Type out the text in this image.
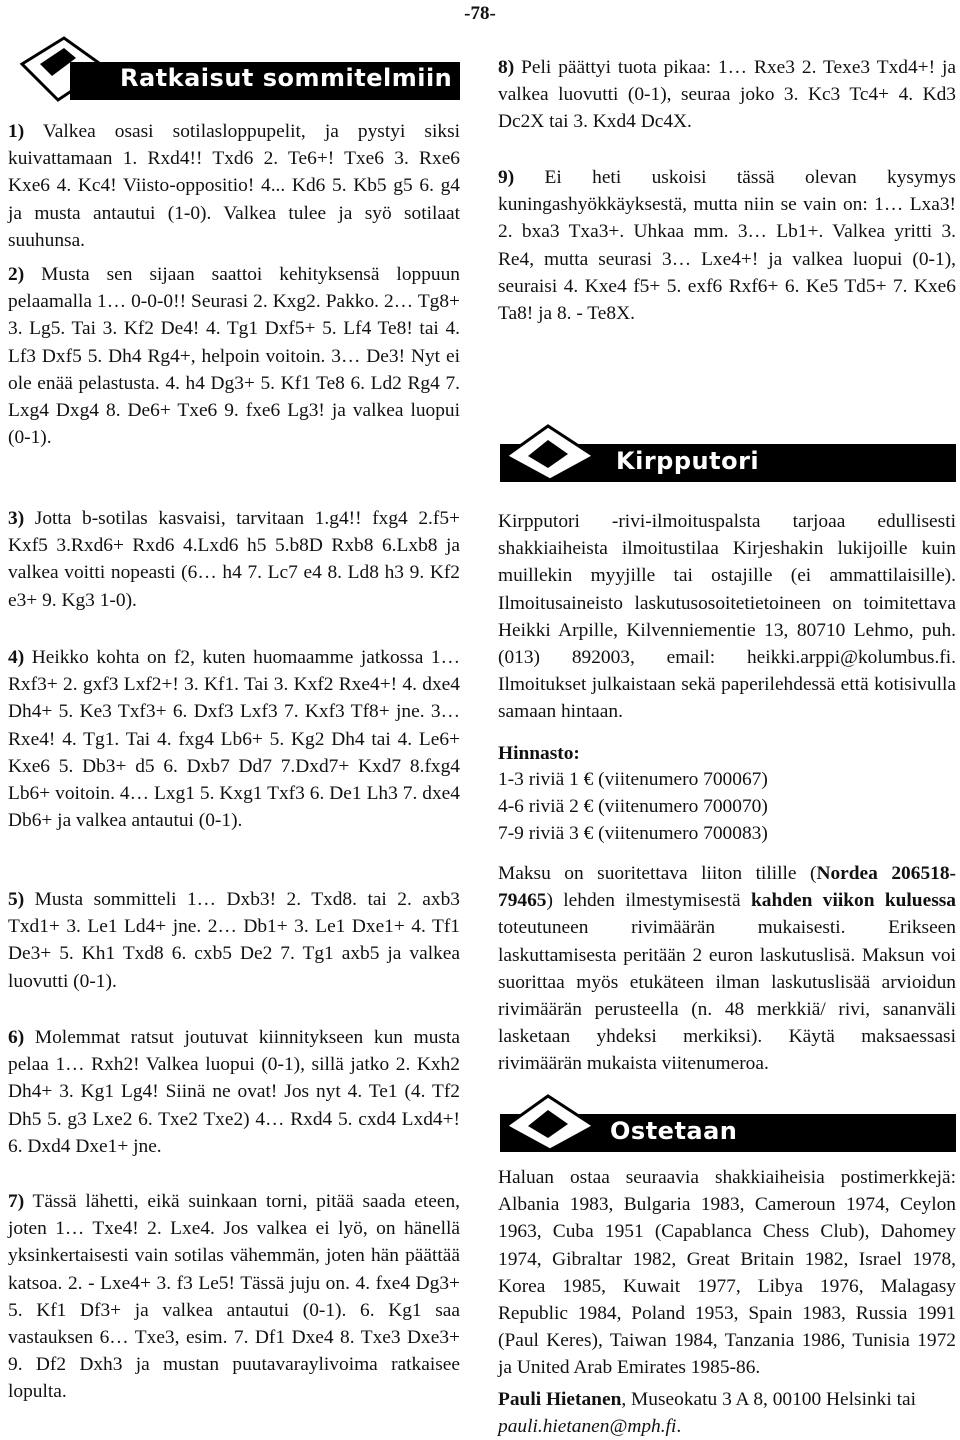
-78-
Ratkaisut sommitelmiin

1) Valkea osasi sotilasloppupelit, ja pystyi siksi kuivattamaan 1. Rxd4!! Txd6 2. Te6+! Txe6 3. Rxe6 Kxe6 4. Kc4! Viisto-oppositio! 4... Kd6 5. Kb5 g5 6. g4 ja musta antautui (1-0). Valkea tulee ja syö sotilaat suuhunsa.

2) Musta sen sijaan saattoi kehityksensä loppuun pelaamalla 1… 0-0-0!! Seurasi 2. Kxg2. Pakko. 2… Tg8+ 3. Lg5. Tai 3. Kf2 De4! 4. Tg1 Dxf5+ 5. Lf4 Te8! tai 4. Lf3 Dxf5 5. Dh4 Rg4+, helpoin voitoin. 3… De3! Nyt ei ole enää pelastusta. 4. h4 Dg3+ 5. Kf1 Te8 6. Ld2 Rg4 7. Lxg4 Dxg4 8. De6+ Txe6 9. fxe6 Lg3! ja valkea luopui (0-1).

3) Jotta b-sotilas kasvaisi, tarvitaan 1.g4!! fxg4 2.f5+ Kxf5 3.Rxd6+ Rxd6 4.Lxd6 h5 5.b8D Rxb8 6.Lxb8 ja valkea voitti nopeasti (6… h4 7. Lc7 e4 8. Ld8 h3 9. Kf2 e3+ 9. Kg3 1-0).

4) Heikko kohta on f2, kuten huomaamme jatkossa 1… Rxf3+ 2. gxf3 Lxf2+! 3. Kf1. Tai 3. Kxf2 Rxe4+! 4. dxe4 Dh4+ 5. Ke3 Txf3+ 6. Dxf3 Lxf3 7. Kxf3 Tf8+ jne. 3… Rxe4! 4. Tg1. Tai 4. fxg4 Lb6+ 5. Kg2 Dh4 tai 4. Le6+ Kxe6 5. Db3+ d5 6. Dxb7 Dd7 7.Dxd7+ Kxd7 8.fxg4 Lb6+ voitoin. 4… Lxg1 5. Kxg1 Txf3 6. De1 Lh3 7. dxe4 Db6+ ja valkea antautui (0-1).

5) Musta sommitteli 1… Dxb3! 2. Txd8. tai 2. axb3 Txd1+ 3. Le1 Ld4+ jne. 2… Db1+ 3. Le1 Dxe1+ 4. Tf1 De3+ 5. Kh1 Txd8 6. cxb5 De2 7. Tg1 axb5 ja valkea luovutti (0-1).

6) Molemmat ratsut joutuvat kiinnitykseen kun musta pelaa 1… Rxh2! Valkea luopui (0-1), sillä jatko 2. Kxh2 Dh4+ 3. Kg1 Lg4! Siinä ne ovat! Jos nyt 4. Te1 (4. Tf2 Dh5 5. g3 Lxe2 6. Txe2 Txe2) 4… Rxd4 5. cxd4 Lxd4+! 6. Dxd4 Dxe1+ jne.

7) Tässä lähetti, eikä suinkaan torni, pitää saada eteen, joten 1… Txe4! 2. Lxe4. Jos valkea ei lyö, on hänellä yksinkertaisesti vain sotilas vähemmän, joten hän päättää katsoa. 2. - Lxe4+ 3. f3 Le5! Tässä juju on. 4. fxe4 Dg3+ 5. Kf1 Df3+ ja valkea antautui (0-1). 6. Kg1 saa vastauksen 6… Txe3, esim. 7. Df1 Dxe4 8. Txe3 Dxe3+ 9. Df2 Dxh3 ja mustan puutavaraylivoima ratkaisee lopulta.

8) Peli päättyi tuota pikaa: 1… Rxe3 2. Texe3 Txd4+! ja valkea luovutti (0-1), seuraa joko 3. Kc3 Tc4+ 4. Kd3 Dc2X tai 3. Kxd4 Dc4X.

9) Ei heti uskoisi tässä olevan kysymys kuningashyökkäyksestä, mutta niin se vain on: 1… Lxa3! 2. bxa3 Txa3+. Uhkaa mm. 3… Lb1+. Valkea yritti 3. Re4, mutta seurasi 3… Lxe4+! ja valkea luopui (0-1), seuraisi 4. Kxe4 f5+ 5. exf6 Rxf6+ 6. Ke5 Td5+ 7. Kxe6 Ta8! ja 8. - Te8X.

Kirpputori

Kirpputori -rivi-ilmoituspalsta tarjoaa edullisesti shakkiaiheista ilmoitustilaa Kirjeshakin lukijoille kuin muillekin myyjille tai ostajille (ei ammattilaisille). Ilmoitusaineisto laskutusosoitetietoineen on toimitettava Heikki Arpille, Kilvenniementie 13, 80710 Lehmo, puh. (013) 892003, email: heikki.arppi@kolumbus.fi. Ilmoitukset julkaistaan sekä paperilehdessä että kotisivulla samaan hintaan.

Hinnasto:
1-3 riviä 1 € (viitenumero 700067)
4-6 riviä 2 € (viitenumero 700070)
7-9 riviä 3 € (viitenumero 700083)

Maksu on suoritettava liiton tilille (Nordea 206518-79465) lehden ilmestymisestä kahden viikon kuluessa toteutuneen rivimäärän mukaisesti. Erikseen laskuttamisesta peritään 2 euron laskutuslisä. Maksun voi suorittaa myös etukäteen ilman laskutuslisää arvioidun rivimäärän perusteella (n. 48 merkkiä/ rivi, sananväli lasketaan yhdeksi merkiksi). Käytä maksaessasi rivimäärän mukaista viitenumeroa.

Ostetaan

Haluan ostaa seuraavia shakkiaiheisia postimerkkejä: Albania 1983, Bulgaria 1983, Cameroun 1974, Ceylon 1963, Cuba 1951 (Capablanca Chess Club), Dahomey 1974, Gibraltar 1982, Great Britain 1982, Israel 1978, Korea 1985, Kuwait 1977, Libya 1976, Malagasy Republic 1984, Poland 1953, Spain 1983, Russia 1991 (Paul Keres), Taiwan 1984, Tanzania 1986, Tunisia 1972 ja United Arab Emirates 1985-86.

Pauli Hietanen, Museokatu 3 A 8, 00100 Helsinki tai pauli.hietanen@mph.fi.
